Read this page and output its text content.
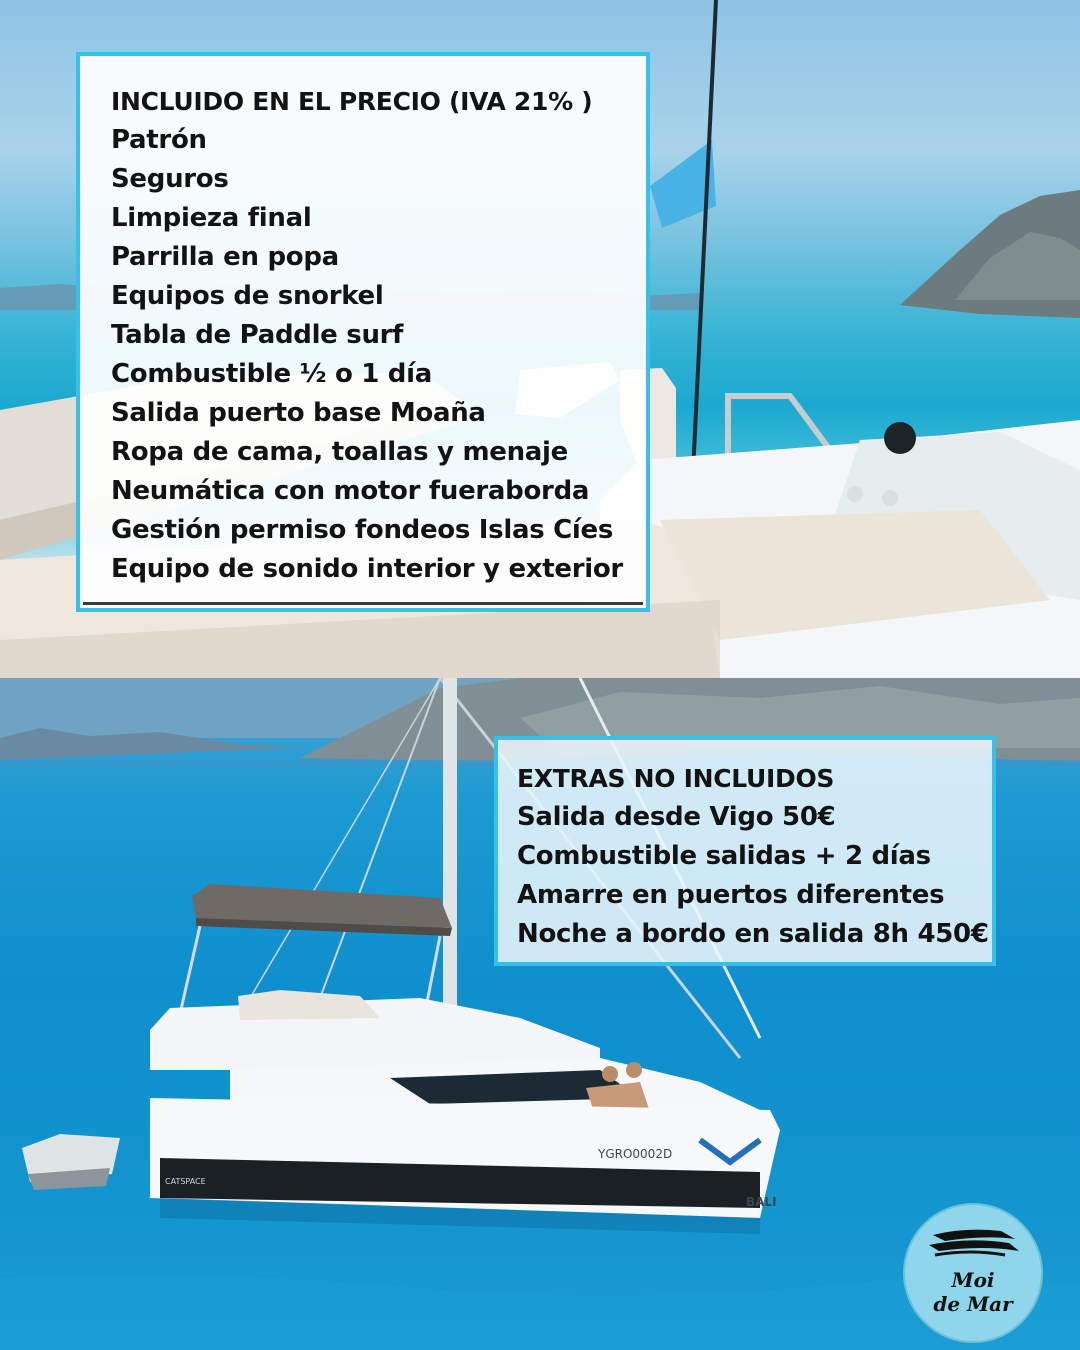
INCLUIDO EN EL PRECIO (IVA 21% )
Patrón
Seguros
Limpieza final
Parrilla en popa
Equipos de snorkel
Tabla de Paddle surf
Combustible ½ o 1 día
Salida puerto base Moaña
Ropa de cama, toallas y menaje
Neumática con motor fueraborda
Gestión permiso fondeos Islas Cíes
Equipo de sonido interior y exterior
YGRO0002D
BALI
CATSPACE
EXTRAS NO INCLUIDOS
Salida desde Vigo 50€
Combustible salidas + 2 días
Amarre en puertos diferentes
Noche a bordo en salida 8h 450€
Moi
de Mar
